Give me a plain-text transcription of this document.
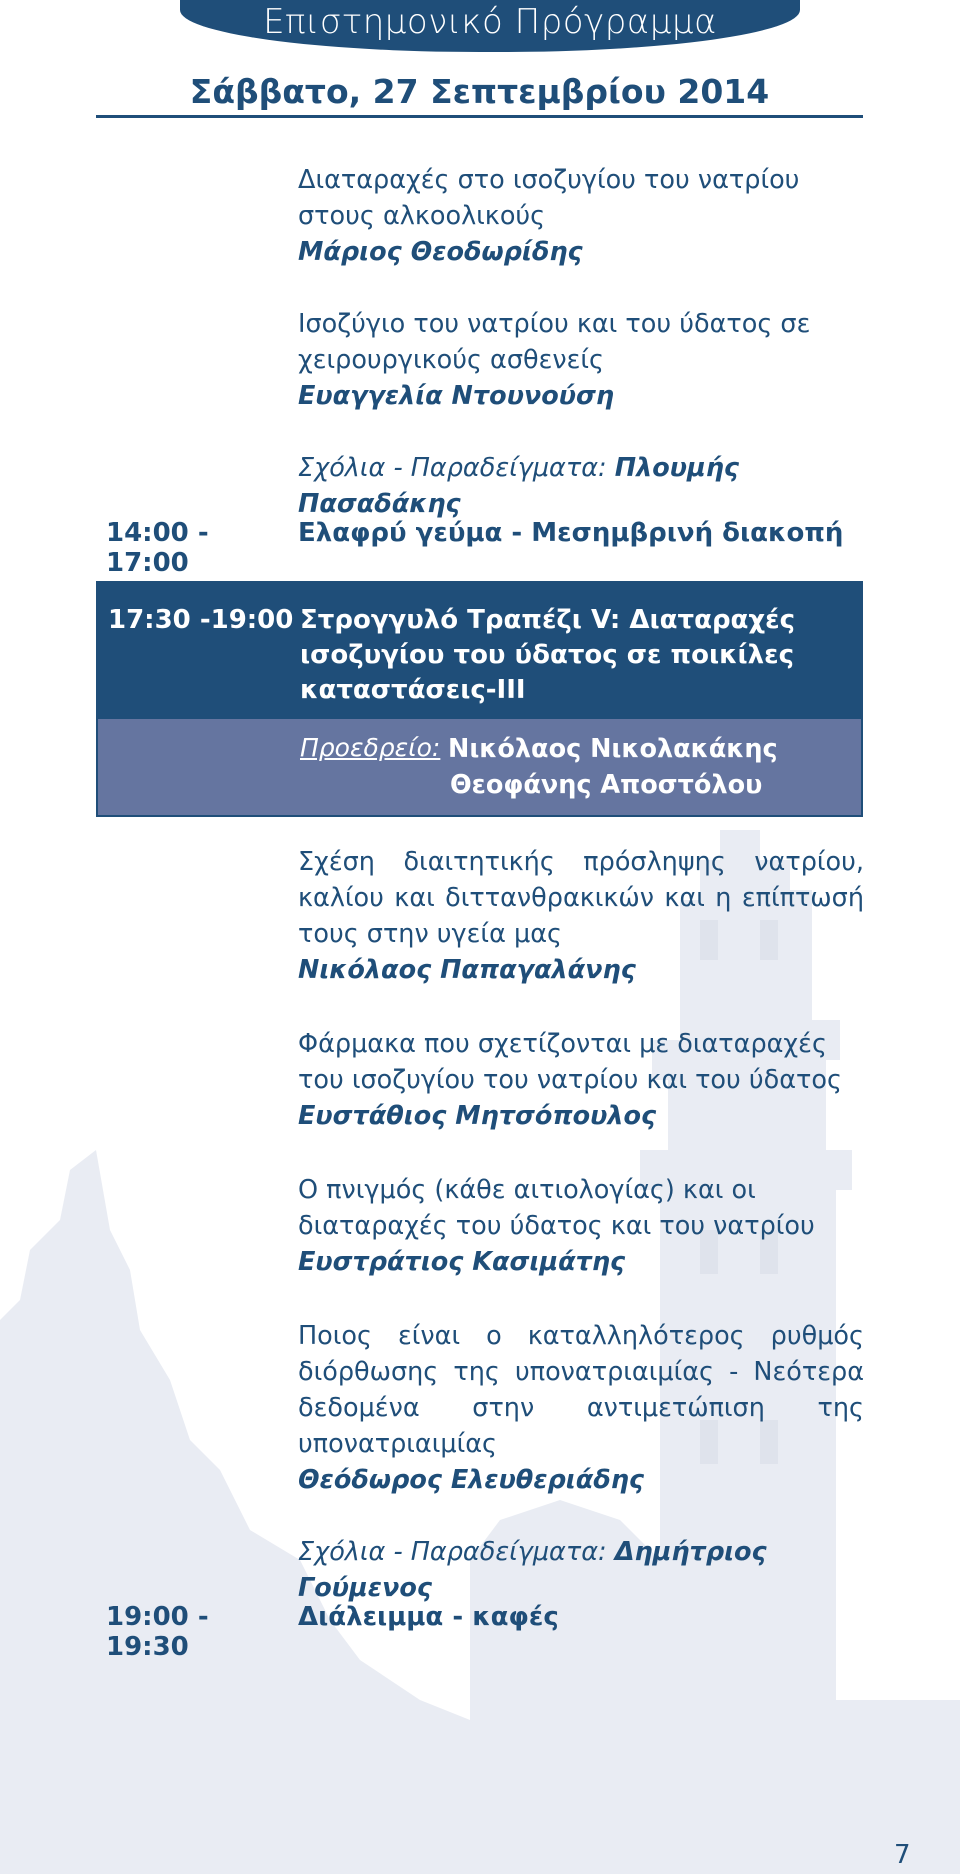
Επιστημονικό Πρόγραμμα
Σάββατο, 27 Σεπτεμβρίου 2014
Διαταραχές στο ισοζυγίου του νατρίου στους αλκοολικούς
Μάριος Θεοδωρίδης
Ισοζύγιο του νατρίου και του ύδατος σε χειρουργικούς ασθενείς
Ευαγγελία Ντουνούση
Σχόλια - Παραδείγματα: Πλουμής Πασαδάκης
14:00 - 17:00
Ελαφρύ γεύμα - Μεσημβρινή διακοπή
17:30 -19:00 Στρογγυλό Τραπέζι V: Διαταραχές ισοζυγίου του ύδατος σε ποικίλες καταστάσεις-ΙΙΙ
Προεδρείο: Νικόλαος Νικολακάκης
Θεοφάνης Αποστόλου
Σχέση διαιτητικής πρόσληψης νατρίου, καλίου και διττανθρακικών και η επίπτωσή τους στην υγεία μας
Νικόλαος Παπαγαλάνης
Φάρμακα που σχετίζονται με διαταραχές του ισοζυγίου του νατρίου και του ύδατος
Ευστάθιος Μητσόπουλος
Ο πνιγμός (κάθε αιτιολογίας) και οι διαταραχές του ύδατος και του νατρίου
Ευστράτιος Κασιμάτης
Ποιος είναι ο καταλληλότερος ρυθμός διόρθωσης της υπονατριαιμίας - Νεότερα δεδομένα στην αντιμετώπιση της υπονατριαιμίας
Θεόδωρος Ελευθεριάδης
Σχόλια - Παραδείγματα: Δημήτριος Γούμενος
19:00 - 19:30
Διάλειμμα - καφές
7
